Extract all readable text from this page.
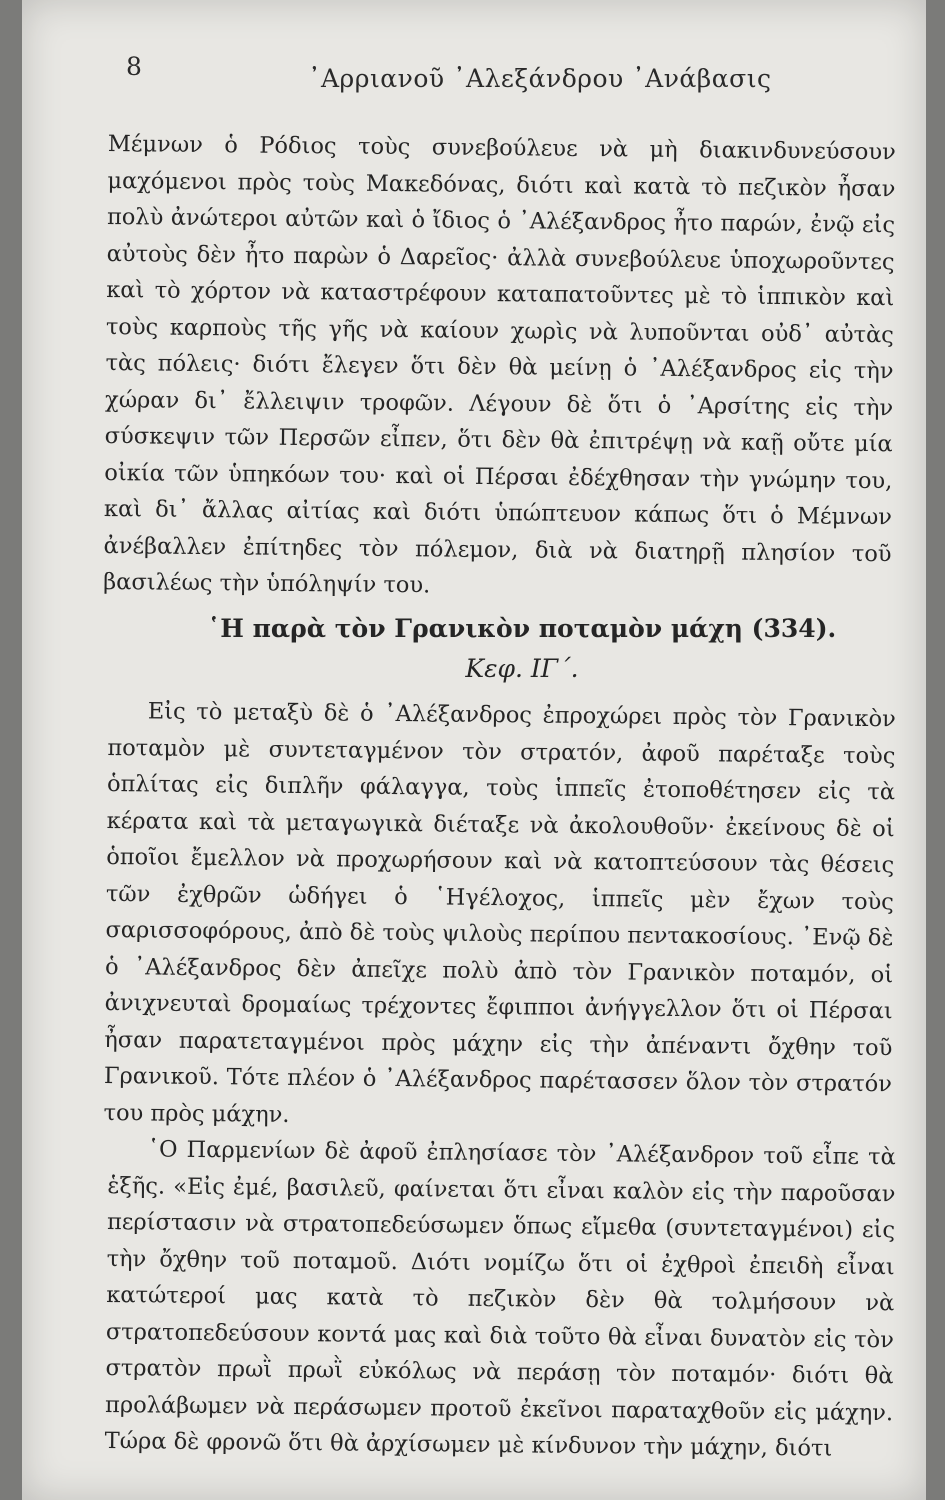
8	᾿Αρριανοῦ ᾿Αλεξάνδρου ᾿Ανάβασις

Μέμνων ὁ Ρόδιος τοὺς συνεβούλευε νὰ μὴ διακινδυνεύσουν μαχόμενοι πρὸς τοὺς Μακεδόνας, διότι καὶ κατὰ τὸ πεζικὸν ἦσαν πολὺ ἀνώτεροι αὐτῶν καὶ ὁ ἴδιος ὁ ᾿Αλέξανδρος ἦτο παρών, ἐνῷ εἰς αὐτοὺς δὲν ἦτο παρὼν ὁ Δαρεῖος· ἀλλὰ συνεβούλευε ὑποχωροῦντες καὶ τὸ χόρτον νὰ καταστρέφουν καταπατοῦντες μὲ τὸ ἱππικὸν καὶ τοὺς καρποὺς τῆς γῆς νὰ καίουν χωρὶς νὰ λυποῦνται οὐδ᾿ αὐτὰς τὰς πόλεις· διότι ἔλεγεν ὅτι δὲν θὰ μείνῃ ὁ ᾿Αλέξανδρος εἰς τὴν χώραν δι᾿ ἔλλειψιν τροφῶν. Λέγουν δὲ ὅτι ὁ ᾿Αρσίτης εἰς τὴν σύσκεψιν τῶν Περσῶν εἶπεν, ὅτι δὲν θὰ ἐπιτρέψῃ νὰ καῇ οὔτε μία οἰκία τῶν ὑπηκόων του· καὶ οἱ Πέρσαι ἐδέχθησαν τὴν γνώμην του, καὶ δι᾿ ἄλλας αἰτίας καὶ διότι ὑπώπτευον κάπως ὅτι ὁ Μέμνων ἀνέβαλλεν ἐπίτηδες τὸν πόλεμον, διὰ νὰ διατηρῇ πλησίον τοῦ βασιλέως τὴν ὑπόληψίν του.

῾Η παρὰ τὸν Γρανικὸν ποταμὸν μάχη (334).
Κεφ. ΙΓ΄.

Εἰς τὸ μεταξὺ δὲ ὁ ᾿Αλέξανδρος ἐπροχώρει πρὸς τὸν Γρανικὸν ποταμὸν μὲ συντεταγμένον τὸν στρατόν, ἀφοῦ παρέταξε τοὺς ὁπλίτας εἰς διπλῆν φάλαγγα, τοὺς ἱππεῖς ἐτοποθέτησεν εἰς τὰ κέρατα καὶ τὰ μεταγωγικὰ διέταξε νὰ ἀκολουθοῦν· ἐκείνους δὲ οἱ ὁποῖοι ἔμελλον νὰ προχωρήσουν καὶ νὰ κατοπτεύσουν τὰς θέσεις τῶν ἐχθρῶν ὡδήγει ὁ ῾Ηγέλοχος, ἱππεῖς μὲν ἔχων τοὺς σαρισσοφόρους, ἀπὸ δὲ τοὺς ψιλοὺς περίπου πεντακοσίους. ᾿Ενῷ δὲ ὁ ᾿Αλέξανδρος δὲν ἀπεῖχε πολὺ ἀπὸ τὸν Γρανικὸν ποταμόν, οἱ ἀνιχνευταὶ δρομαίως τρέχοντες ἔφιπποι ἀνήγγελλον ὅτι οἱ Πέρσαι ἦσαν παρατεταγμένοι πρὸς μάχην εἰς τὴν ἀπέναντι ὄχθην τοῦ Γρανικοῦ. Τότε πλέον ὁ ᾿Αλέξανδρος παρέτασσεν ὅλον τὸν στρατόν του πρὸς μάχην.

῾Ο Παρμενίων δὲ ἀφοῦ ἐπλησίασε τὸν ᾿Αλέξανδρον τοῦ εἶπε τὰ ἑξῆς. «Εἰς ἐμέ, βασιλεῦ, φαίνεται ὅτι εἶναι καλὸν εἰς τὴν παροῦσαν περίστασιν νὰ στρατοπεδεύσωμεν ὅπως εἴμεθα (συντεταγμένοι) εἰς τὴν ὄχθην τοῦ ποταμοῦ. Διότι νομίζω ὅτι οἱ ἐχθροὶ ἐπειδὴ εἶναι κατώτεροί μας κατὰ τὸ πεζικὸν δὲν θὰ τολμήσουν νὰ στρατοπεδεύσουν κοντά μας καὶ διὰ τοῦτο θὰ εἶναι δυνατὸν εἰς τὸν στρατὸν πρωῒ πρωῒ εὐκόλως νὰ περάσῃ τὸν ποταμόν· διότι θὰ προλάβωμεν νὰ περάσωμεν προτοῦ ἐκεῖνοι παραταχθοῦν εἰς μάχην. Τώρα δὲ φρονῶ ὅτι θὰ ἀρχίσωμεν μὲ κίνδυνον τὴν μάχην, διότι
